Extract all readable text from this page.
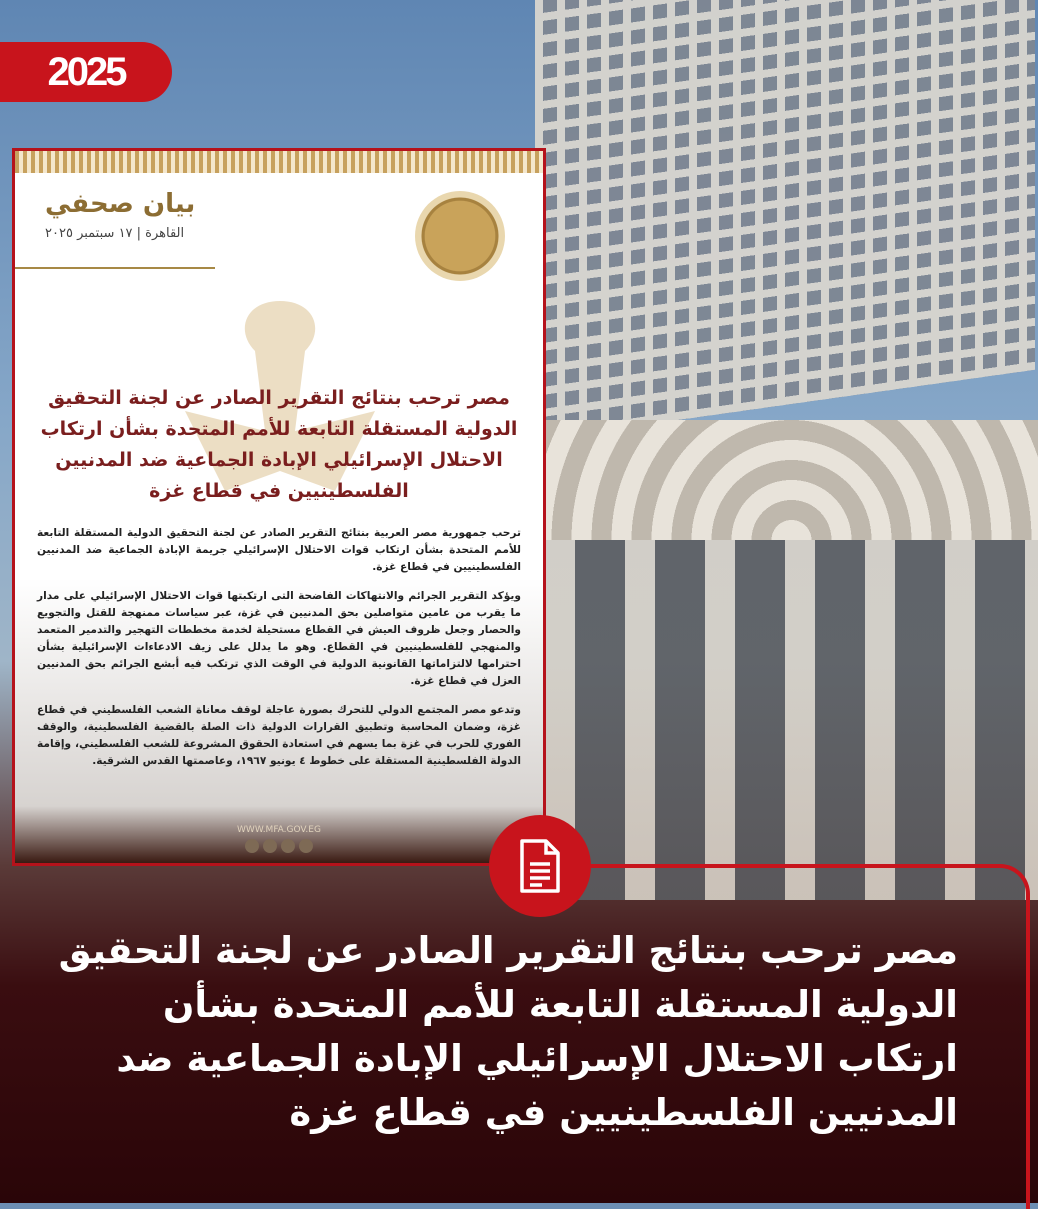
2025
بيان صحفي
القاهرة | ١٧ سبتمبر ٢٠٢٥
مصر ترحب بنتائج التقرير الصادر عن لجنة التحقيق الدولية المستقلة التابعة للأمم المتحدة بشأن ارتكاب الاحتلال الإسرائيلي الإبادة الجماعية ضد المدنيين الفلسطينيين في قطاع غزة

ترحب جمهورية مصر العربية بنتائج التقرير الصادر عن لجنة التحقيق الدولية المستقلة التابعة للأمم المتحدة بشأن ارتكاب قوات الاحتلال الإسرائيلي جريمة الإبادة الجماعية ضد المدنيين الفلسطينيين في قطاع غزة.

ويؤكد التقرير الجرائم والانتهاكات الفاضحة التى ارتكبتها قوات الاحتلال الإسرائيلي على مدار ما يقرب من عامين متواصلين بحق المدنيين في غزة، عبر سياسات ممنهجة للقتل والتجويع والحصار وجعل ظروف العيش في القطاع مستحيلة لخدمة مخططات التهجير والتدمير المتعمد والمنهجي للفلسطينيين في القطاع. وهو ما يدلل على زيف الادعاءات الإسرائيلية بشأن احترامها لالتزاماتها القانونية الدولية في الوقت الذي ترتكب فيه أبشع الجرائم بحق المدنيين العزل في قطاع غزة.

وتدعو مصر المجتمع الدولي للتحرك بصورة عاجلة لوقف معاناة الشعب الفلسطيني في قطاع غزة، وضمان المحاسبة وتطبيق القرارات الدولية ذات الصلة بالقضية الفلسطينية، والوقف الفوري للحرب في غزة بما يسهم في استعادة الحقوق المشروعة للشعب الفلسطيني، وإقامة الدولة الفلسطينية المستقلة على خطوط ٤ يونيو ١٩٦٧، وعاصمتها القدس الشرقية.

WWW.MFA.GOV.EG
مصر ترحب بنتائج التقرير الصادر عن لجنة التحقيق الدولية المستقلة التابعة للأمم المتحدة بشأن ارتكاب الاحتلال الإسرائيلي الإبادة الجماعية ضد المدنيين الفلسطينيين في قطاع غزة
